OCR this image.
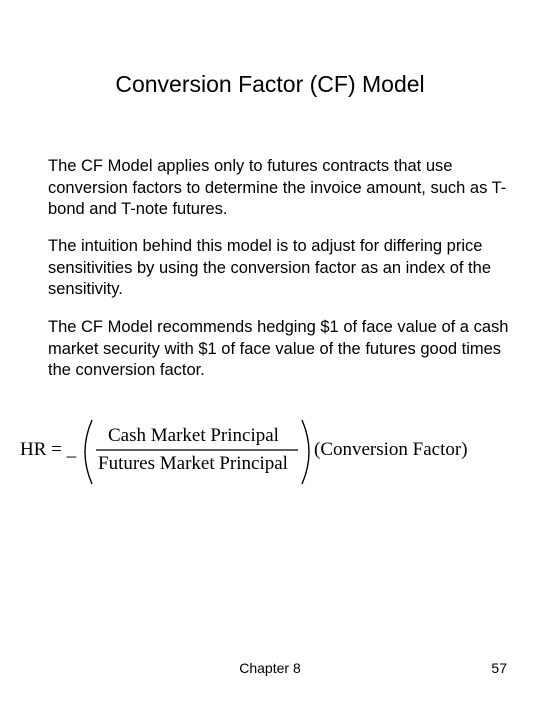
Conversion Factor (CF) Model

The CF Model applies only to futures contracts that use conversion factors to determine the invoice amount, such as T-bond and T-note futures.

The intuition behind this model is to adjust for differing price sensitivities by using the conversion factor as an index of the sensitivity.

The CF Model recommends hedging $1 of face value of a cash market security with $1 of face value of the futures good times the conversion factor.

HR = _
Cash Market Principal
Futures Market Principal
(Conversion Factor)
Chapter 8	57
